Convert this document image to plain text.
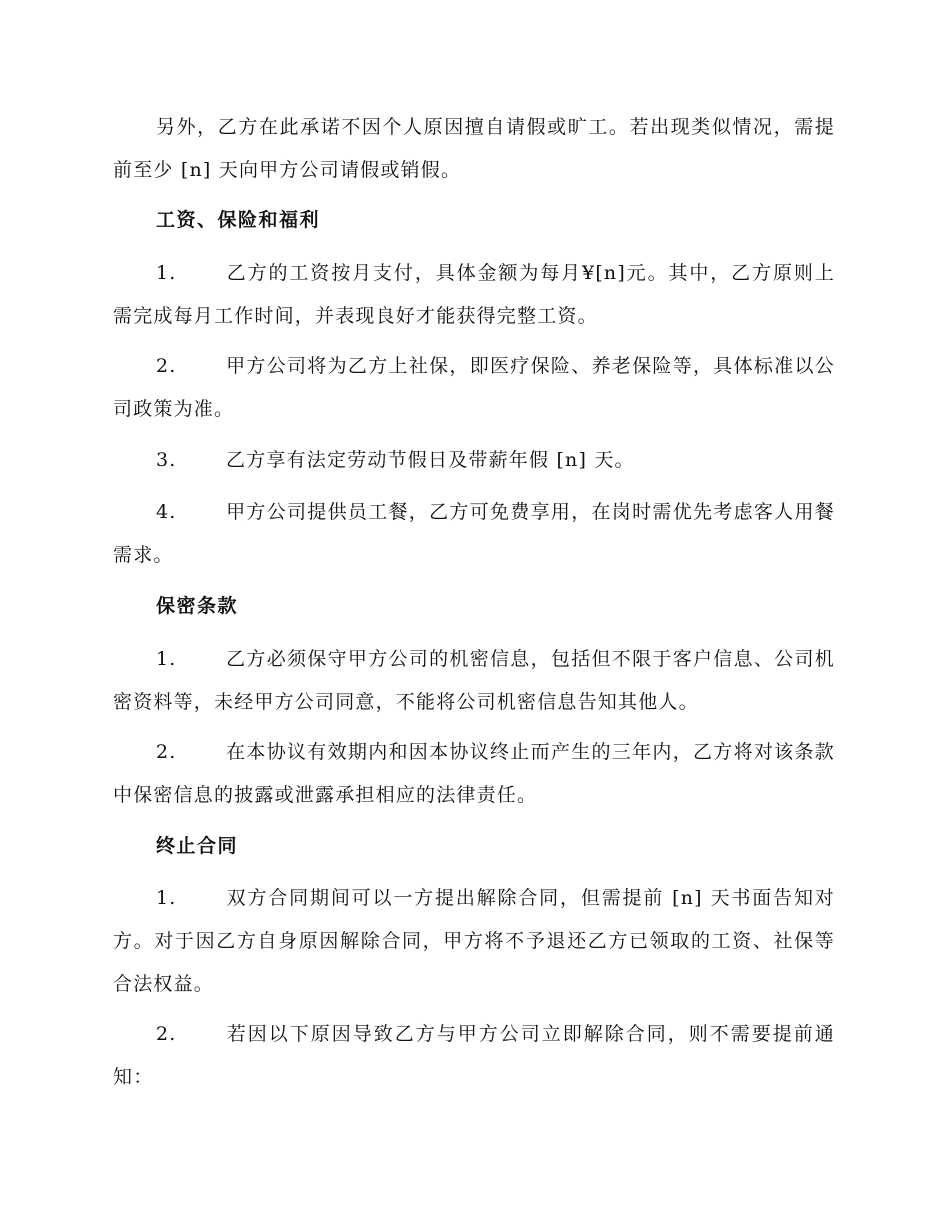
另外，乙方在此承诺不因个人原因擅自请假或旷工。若出现类似情况，需提前至少 [n] 天向甲方公司请假或销假。

工资、保险和福利

1.	乙方的工资按月支付，具体金额为每月¥[n]元。其中，乙方原则上需完成每月工作时间，并表现良好才能获得完整工资。

2.	甲方公司将为乙方上社保，即医疗保险、养老保险等，具体标准以公司政策为准。

3.	乙方享有法定劳动节假日及带薪年假 [n] 天。

4.	甲方公司提供员工餐，乙方可免费享用，在岗时需优先考虑客人用餐需求。

保密条款

1.	乙方必须保守甲方公司的机密信息，包括但不限于客户信息、公司机密资料等，未经甲方公司同意，不能将公司机密信息告知其他人。

2.	在本协议有效期内和因本协议终止而产生的三年内，乙方将对该条款中保密信息的披露或泄露承担相应的法律责任。

终止合同

1.	双方合同期间可以一方提出解除合同，但需提前 [n] 天书面告知对方。对于因乙方自身原因解除合同，甲方将不予退还乙方已领取的工资、社保等合法权益。

2.	若因以下原因导致乙方与甲方公司立即解除合同，则不需要提前通知：
